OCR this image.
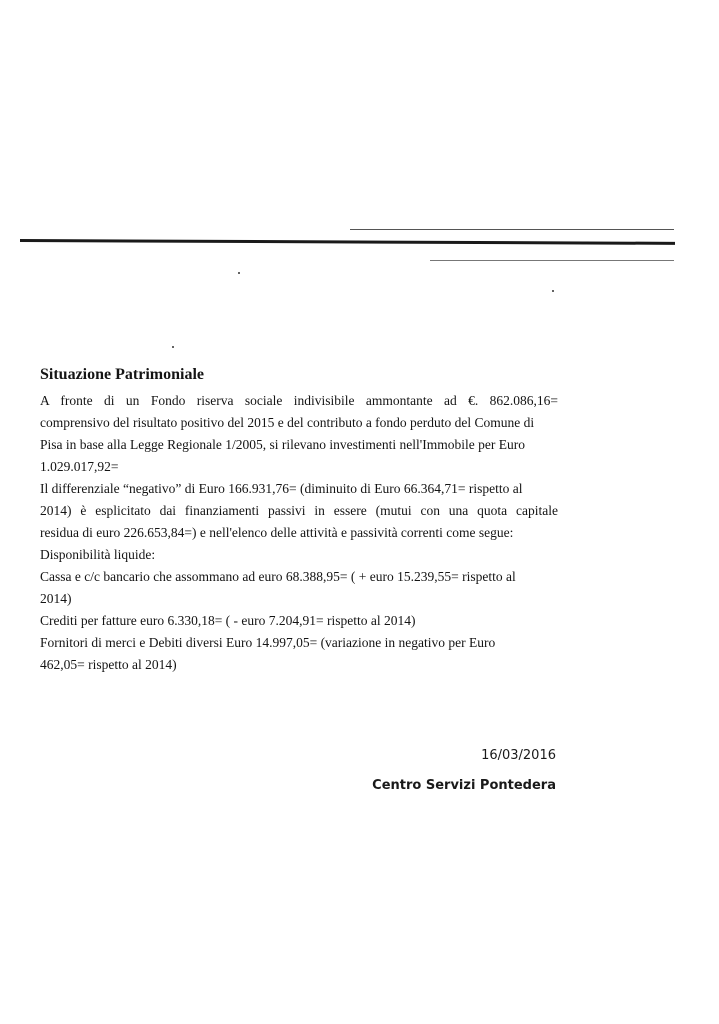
Situazione Patrimoniale
A fronte di un Fondo riserva sociale indivisibile ammontante ad €. 862.086,16=
comprensivo del risultato positivo del 2015 e del contributo a fondo perduto del Comune di
Pisa in base alla Legge Regionale 1/2005, si rilevano investimenti nell'Immobile per Euro
1.029.017,92=
Il differenziale “negativo” di Euro 166.931,76= (diminuito di Euro 66.364,71= rispetto al
2014) è esplicitato dai finanziamenti passivi in essere (mutui con una quota capitale
residua di euro 226.653,84=) e nell'elenco delle attività e passività correnti come segue:
Disponibilità liquide:
Cassa e c/c bancario che assommano ad euro 68.388,95= ( + euro 15.239,55= rispetto al
2014)
Crediti per fatture euro 6.330,18= ( - euro 7.204,91= rispetto al 2014)
Fornitori di merci e Debiti diversi Euro 14.997,05= (variazione in negativo per Euro
462,05= rispetto al 2014)
16/03/2016
Centro Servizi Pontedera
